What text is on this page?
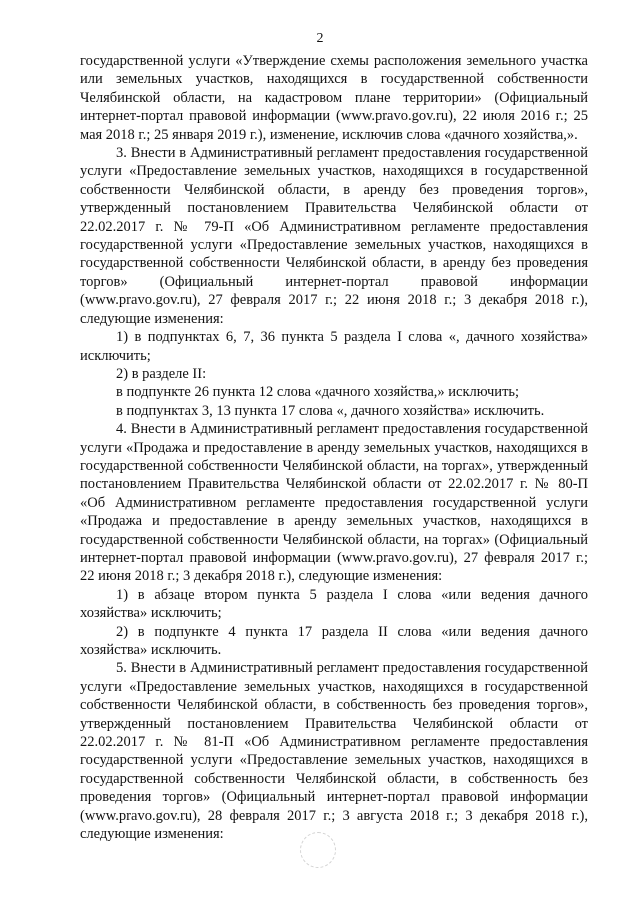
2

государственной услуги «Утверждение схемы расположения земельного участка или земельных участков, находящихся в государственной собственности Челябинской области, на кадастровом плане территории» (Официальный интернет-портал правовой информации (www.pravo.gov.ru), 22 июля 2016 г.; 25 мая 2018 г.; 25 января 2019 г.), изменение, исключив слова «дачного хозяйства,».

3. Внести в Административный регламент предоставления государственной услуги «Предоставление земельных участков, находящихся в государственной собственности Челябинской области, в аренду без проведения торгов», утвержденный постановлением Правительства Челябинской области от 22.02.2017 г. № 79-П «Об Административном регламенте предоставления государственной услуги «Предоставление земельных участков, находящихся в государственной собственности Челябинской области, в аренду без проведения торгов» (Официальный интернет-портал правовой информации (www.pravo.gov.ru), 27 февраля 2017 г.; 22 июня 2018 г.; 3 декабря 2018 г.), следующие изменения:

1) в подпунктах 6, 7, 36 пункта 5 раздела I слова «, дачного хозяйства» исключить;

2) в разделе II:

в подпункте 26 пункта 12 слова «дачного хозяйства,» исключить;

в подпунктах 3, 13 пункта 17 слова «, дачного хозяйства» исключить.

4. Внести в Административный регламент предоставления государственной услуги «Продажа и предоставление в аренду земельных участков, находящихся в государственной собственности Челябинской области, на торгах», утвержденный постановлением Правительства Челябинской области от 22.02.2017 г. № 80-П «Об Административном регламенте предоставления государственной услуги «Продажа и предоставление в аренду земельных участков, находящихся в государственной собственности Челябинской области, на торгах» (Официальный интернет-портал правовой информации (www.pravo.gov.ru), 27 февраля 2017 г.; 22 июня 2018 г.; 3 декабря 2018 г.), следующие изменения:

1) в абзаце втором пункта 5 раздела I слова «или ведения дачного хозяйства» исключить;

2) в подпункте 4 пункта 17 раздела II слова «или ведения дачного хозяйства» исключить.

5. Внести в Административный регламент предоставления государственной услуги «Предоставление земельных участков, находящихся в государственной собственности Челябинской области, в собственность без проведения торгов», утвержденный постановлением Правительства Челябинской области от 22.02.2017 г. № 81-П «Об Административном регламенте предоставления государственной услуги «Предоставление земельных участков, находящихся в государственной собственности Челябинской области, в собственность без проведения торгов» (Официальный интернет-портал правовой информации (www.pravo.gov.ru), 28 февраля 2017 г.; 3 августа 2018 г.; 3 декабря 2018 г.), следующие изменения:
